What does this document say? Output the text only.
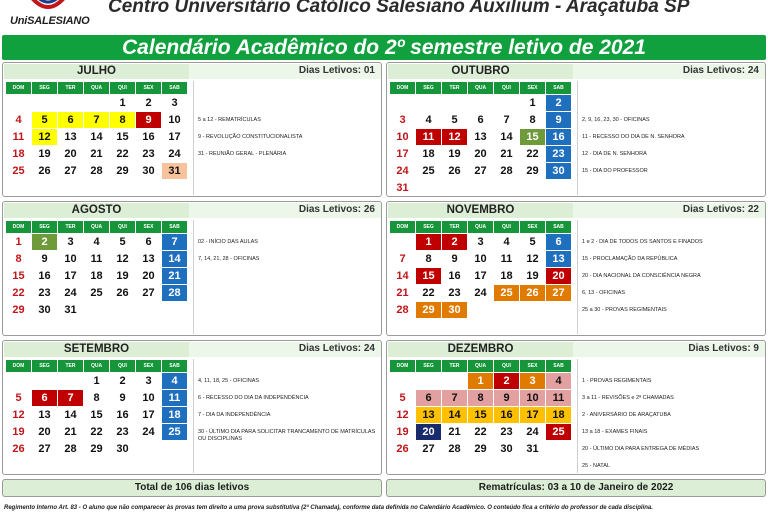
UniSALESIANO
Centro Universitário Católico Salesiano Auxilium - Araçatuba SP
Calendário Acadêmico do 2º semestre letivo de 2021
JULHO	Dias Letivos: 01
DOM	SEG	TER	QUA	QUI	SEX	SAB
				1	2	3
4	5	6	7	8	9	10
11	12	13	14	15	16	17
18	19	20	21	22	23	24
25	26	27	28	29	30	31
5 a 12 - REMATRÍCULAS
9 - REVOLUÇÃO CONSTITUCIONALISTA
31 - REUNIÃO GERAL - PLENÁRIA
OUTUBRO	Dias Letivos: 24
DOM	SEG	TER	QUA	QUI	SEX	SAB
					1	2
3	4	5	6	7	8	9
10	11	12	13	14	15	16
17	18	19	20	21	22	23
24	25	26	27	28	29	30
31						
2, 9, 16, 23, 30 - OFICINAS
11 - RECESSO DO DIA DE N. SENHORA
12 - DIA DE N. SENHORA
15 - DIA DO PROFESSOR
AGOSTO	Dias Letivos: 26
DOM	SEG	TER	QUA	QUI	SEX	SAB
1	2	3	4	5	6	7
8	9	10	11	12	13	14
15	16	17	18	19	20	21
22	23	24	25	26	27	28
29	30	31				
02 - INÍCIO DAS AULAS
7, 14, 21, 28 - OFICINAS
NOVEMBRO	Dias Letivos: 22
DOM	SEG	TER	QUA	QUI	SEX	SAB
	1	2	3	4	5	6
7	8	9	10	11	12	13
14	15	16	17	18	19	20
21	22	23	24	25	26	27
28	29	30				
1 e 2 - DIA DE TODOS OS SANTOS E FINADOS
15 - PROCLAMAÇÃO DA REPÚBLICA
20 - DIA NACIONAL DA CONSCIÊNCIA NEGRA
6, 13 - OFICINAS
25 a 30 - PROVAS REGIMENTAIS
SETEMBRO	Dias Letivos: 24
DOM	SEG	TER	QUA	QUI	SEX	SAB
			1	2	3	4
5	6	7	8	9	10	11
12	13	14	15	16	17	18
19	20	21	22	23	24	25
26	27	28	29	30		
4, 11, 18, 25 - OFICINAS
6 - RECESSO DO DIA DA INDEPENDÊNCIA
7 - DIA DA INDEPENDÊNCIA
30 - ÚLTIMO DIA PARA SOLICITAR TRANCAMENTO DE MATRÍCULAS OU DISCIPLINAS
DEZEMBRO	Dias Letivos: 9
DOM	SEG	TER	QUA	QUI	SEX	SAB
			1	2	3	4
5	6	7	8	9	10	11
12	13	14	15	16	17	18
19	20	21	22	23	24	25
26	27	28	29	30	31	
1 - PROVAS REGIMENTAIS
3 a 11 - REVISÕES e 2ª CHAMADAS
2 - ANIVERSÁRIO DE ARAÇATUBA
13 a 18 - EXAMES FINAIS
20 - ÚLTIMO DIA PARA ENTREGA DE MÉDIAS
25 - NATAL
Total de 106 dias letivos	Rematrículas: 03 a 10 de Janeiro de 2022
Regimento Interno Art. 83 - O aluno que não comparecer às provas tem direito a uma prova substitutiva (2ª Chamada), conforme data definida no Calendário Acadêmico. O conteúdo fica a critério do professor de cada disciplina.
